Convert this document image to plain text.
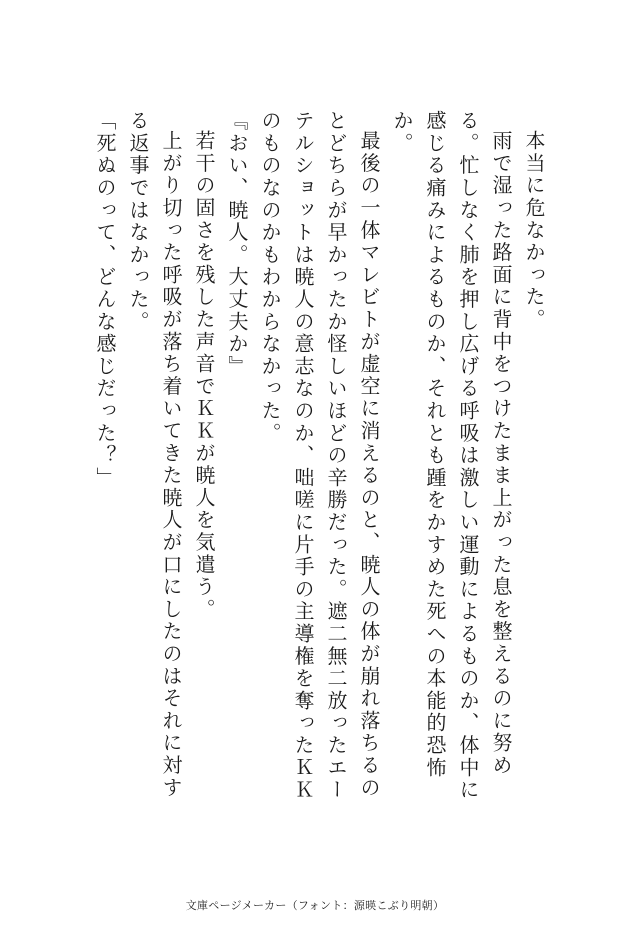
本当に危なかった。

雨で湿った路面に背中をつけたまま上がった息を整えるのに努める。忙しなく肺を押し広げる呼吸は激しい運動によるものか、体中に感じる痛みによるものか、それとも踵をかすめた死への本能的恐怖か。

最後の一体マレビトが虚空に消えるのと、暁人の体が崩れ落ちるのとどちらが早かったか怪しいほどの辛勝だった。遮二無二放ったエーテルショットは暁人の意志なのか、咄嗟に片手の主導権を奪ったＫＫのものなのかもわからなかった。

『おい、暁人。大丈夫か』

若干の固さを残した声音でＫＫが暁人を気遣う。

上がり切った呼吸が落ち着いてきた暁人が口にしたのはそれに対する返事ではなかった。

「死ぬのって、どんな感じだった？」

文庫ページメーカー（フォント：源暎こぶり明朝）
